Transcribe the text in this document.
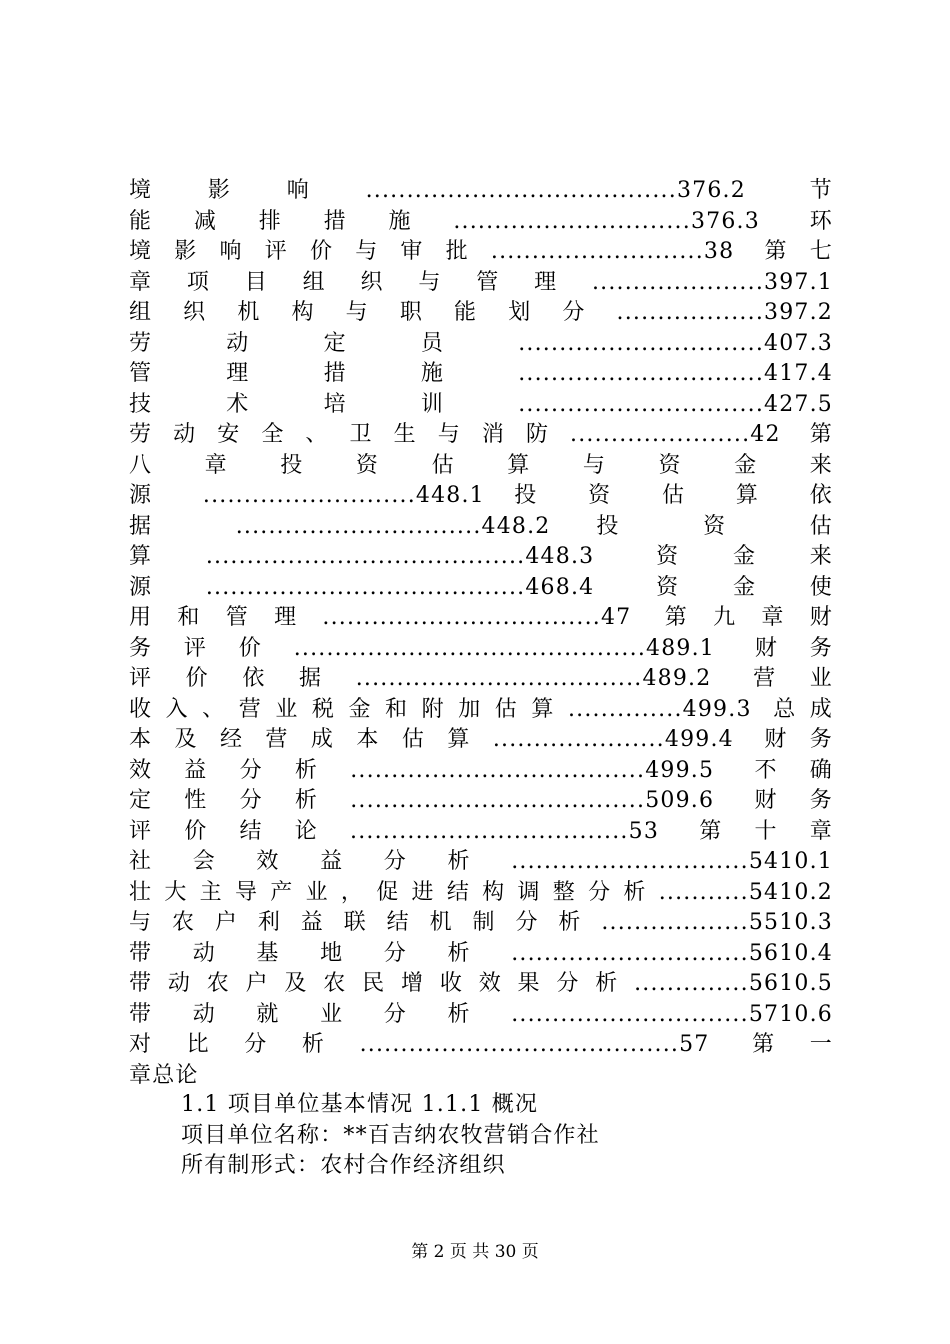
境影响......................................376.2 节
能减排措施.............................376.3 环
境影响评价与审批..........................38 第七
章项目组织与管理.....................397.1
组织机构与职能划分..................397.2
劳动定员..............................407.3
管理措施..............................417.4
技术培训..............................427.5
劳动安全、卫生与消防......................42 第
八 章 投 资 估 算 与 资 金 来
源 ..........................448.1 投 资 估 算 依
据 ..............................448.2 投 资 估
算.......................................448.3 资金来
源.......................................468.4 资金使
用和管理..................................47 第九章财
务评价...........................................489.1 财务
评价依据...................................489.2 营业
收入、营业税金和附加估算..............499.3 总成
本及经营成本估算.....................499.4 财务
效益分析....................................499.5 不确
定性分析....................................509.6 财务
评价结论..................................53 第十章
社会效益分析.............................5410.1
壮大主导产业，促进结构调整分析...........5410.2
与农户利益联结机制分析..................5510.3
带动基地分析.............................5610.4
带动农户及农民增收效果分析..............5610.5
带动就业分析.............................5710.6
对比分析.......................................57 第一
章总论
1.1 项目单位基本情况 1.1.1 概况
项目单位名称：**百吉纳农牧营销合作社
所有制形式：农村合作经济组织
第 2 页 共 30 页
